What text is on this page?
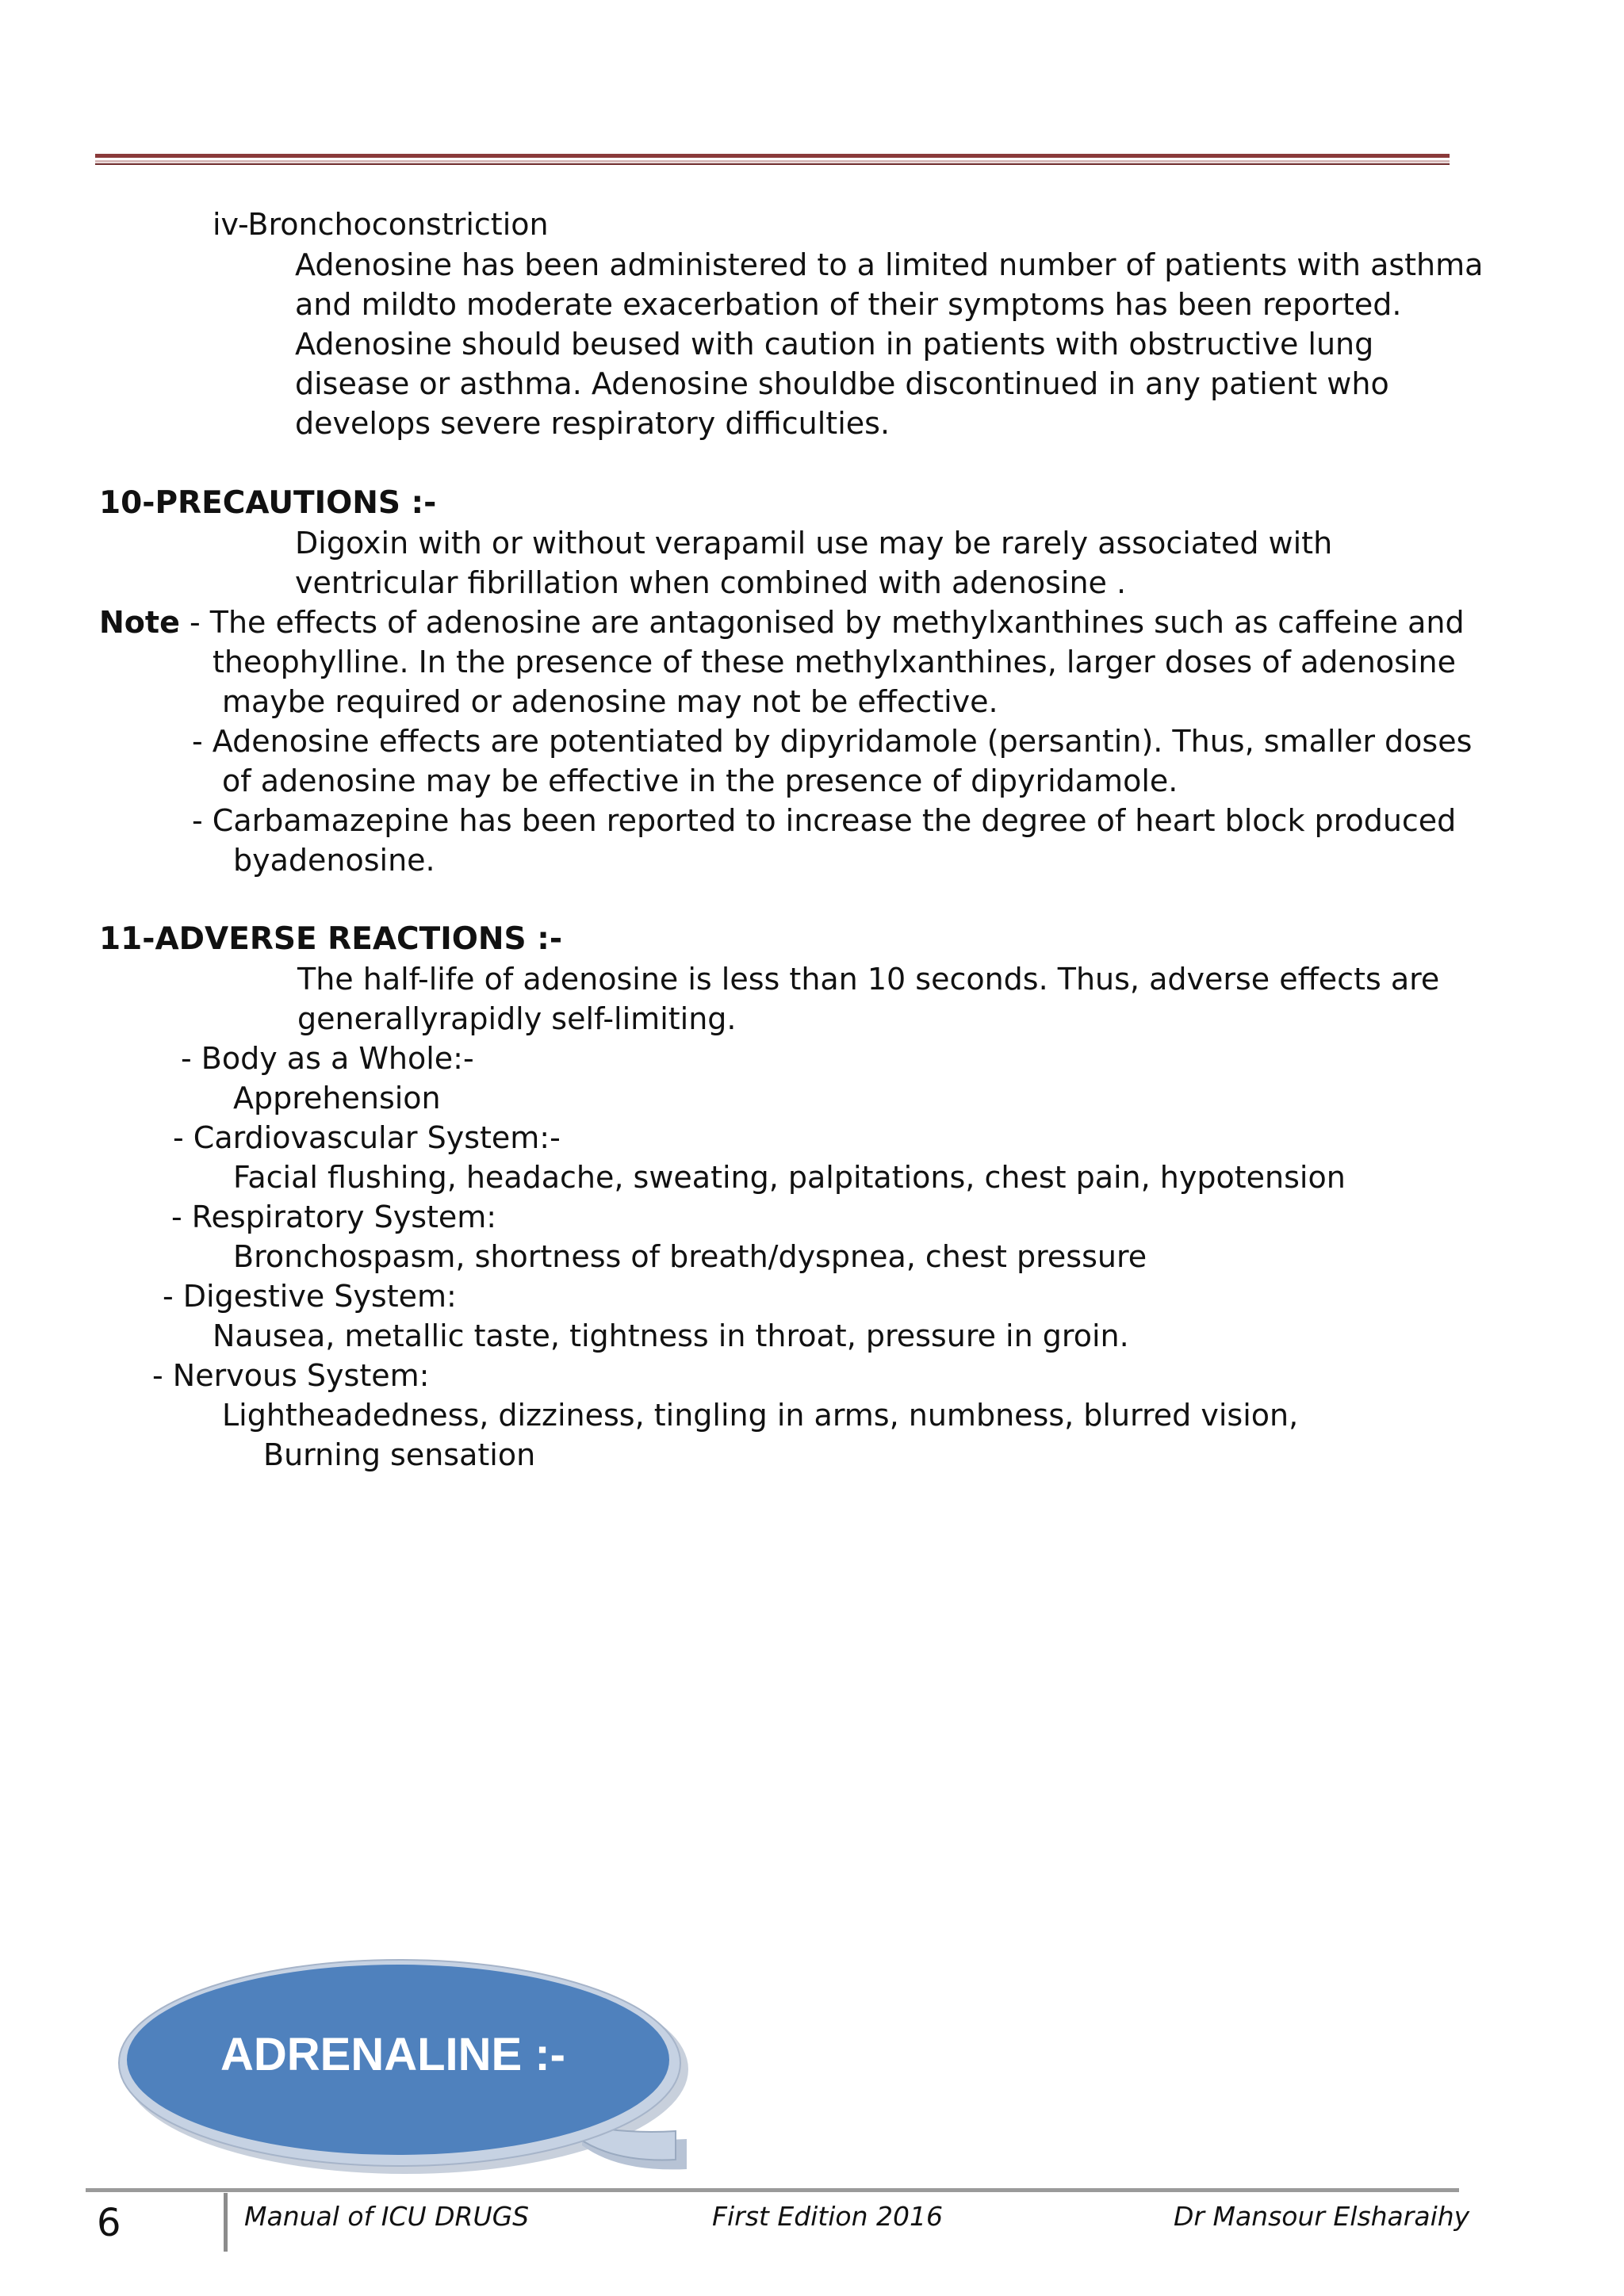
iv-Bronchoconstriction
Adenosine has been administered to a limited number of patients with asthma
and mildto moderate exacerbation of their symptoms has been reported.
Adenosine should beused with caution in patients with obstructive lung
disease or asthma. Adenosine shouldbe discontinued in any patient who
develops severe respiratory difficulties.
10-PRECAUTIONS :-
Digoxin with or without verapamil use may be rarely associated with
ventricular fibrillation when combined with adenosine .
Note - The effects of adenosine are antagonised by methylxanthines such as caffeine and
theophylline. In the presence of these methylxanthines, larger doses of adenosine
maybe required or adenosine may not be effective.
- Adenosine effects are potentiated by dipyridamole (persantin). Thus, smaller doses
of adenosine may be effective in the presence of dipyridamole.
- Carbamazepine has been reported to increase the degree of heart block produced
byadenosine.
11-ADVERSE REACTIONS :-
The half-life of adenosine is less than 10 seconds. Thus, adverse effects are
generallyrapidly self-limiting.
- Body as a Whole:-
Apprehension
- Cardiovascular System:-
Facial flushing, headache, sweating, palpitations, chest pain, hypotension
- Respiratory System:
Bronchospasm, shortness of breath/dyspnea, chest pressure
- Digestive System:
Nausea, metallic taste, tightness in throat, pressure in groin.
- Nervous System:
Lightheadedness, dizziness, tingling in arms, numbness, blurred vision,
Burning sensation
ADRENALINE :-
6	Manual of ICU DRUGS	First Edition 2016	Dr Mansour Elsharaihy
